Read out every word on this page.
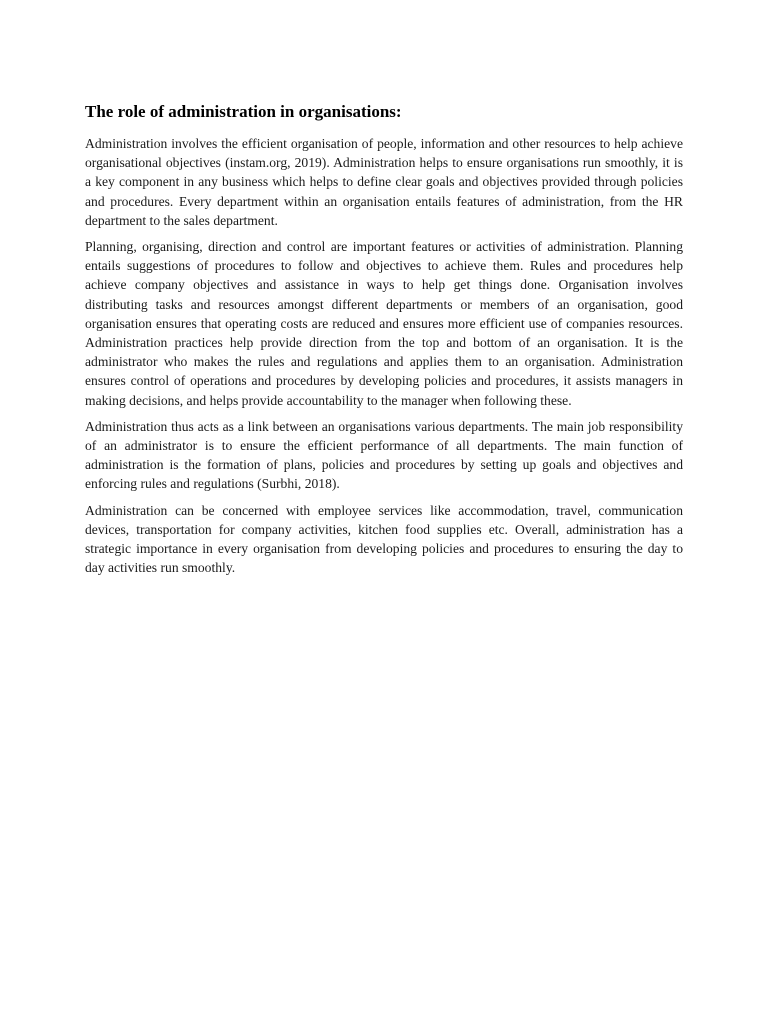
The role of administration in organisations:

Administration involves the efficient organisation of people, information and other resources to help achieve organisational objectives (instam.org, 2019). Administration helps to ensure organisations run smoothly, it is a key component in any business which helps to define clear goals and objectives provided through policies and procedures. Every department within an organisation entails features of administration, from the HR department to the sales department.

Planning, organising, direction and control are important features or activities of administration. Planning entails suggestions of procedures to follow and objectives to achieve them. Rules and procedures help achieve company objectives and assistance in ways to help get things done. Organisation involves distributing tasks and resources amongst different departments or members of an organisation, good organisation ensures that operating costs are reduced and ensures more efficient use of companies resources. Administration practices help provide direction from the top and bottom of an organisation. It is the administrator who makes the rules and regulations and applies them to an organisation. Administration ensures control of operations and procedures by developing policies and procedures, it assists managers in making decisions, and helps provide accountability to the manager when following these.

Administration thus acts as a link between an organisations various departments. The main job responsibility of an administrator is to ensure the efficient performance of all departments. The main function of administration is the formation of plans, policies and procedures by setting up goals and objectives and enforcing rules and regulations (Surbhi, 2018).

Administration can be concerned with employee services like accommodation, travel, communication devices, transportation for company activities, kitchen food supplies etc. Overall, administration has a strategic importance in every organisation from developing policies and procedures to ensuring the day to day activities run smoothly.
